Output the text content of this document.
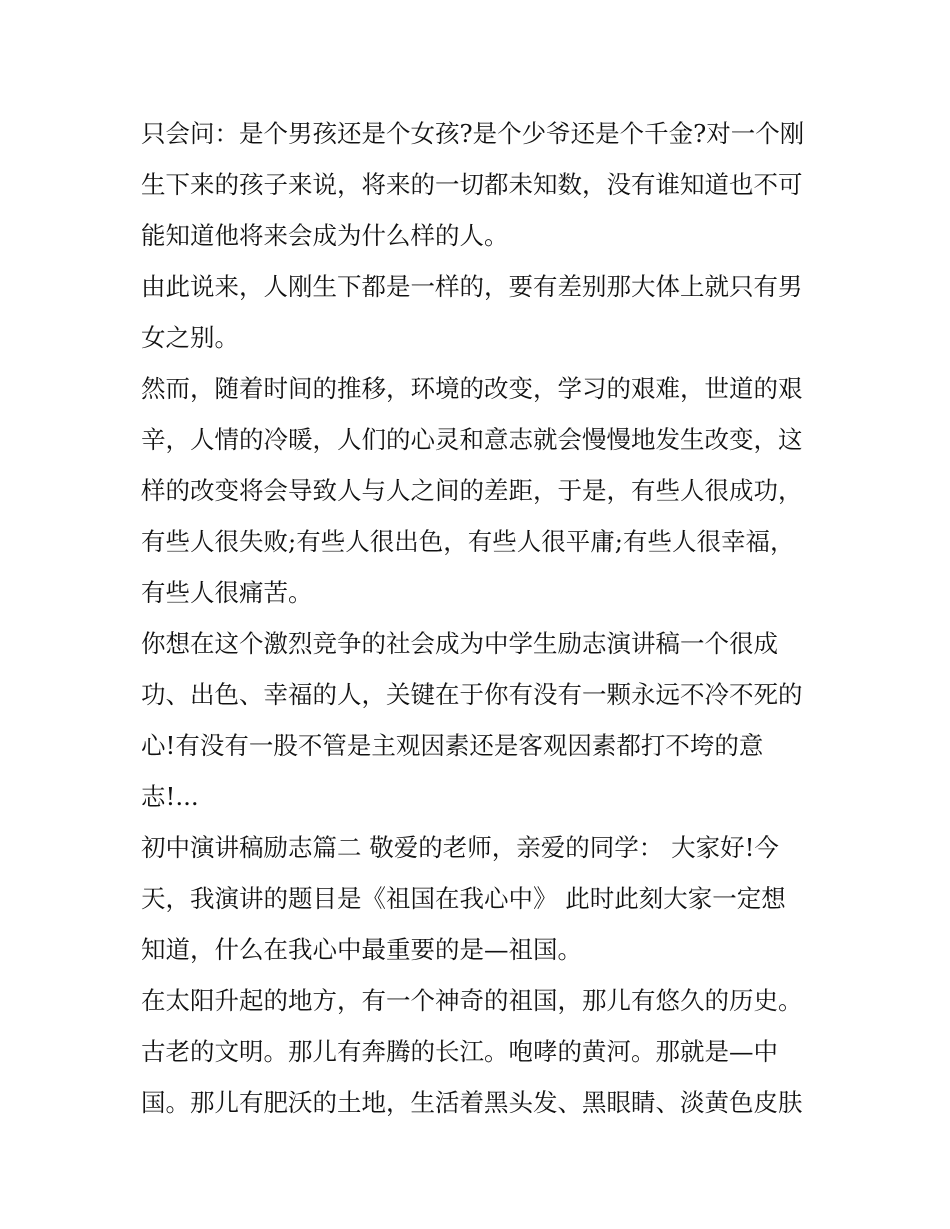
只会问：是个男孩还是个女孩?是个少爷还是个千金?对一个刚
生下来的孩子来说，将来的一切都未知数，没有谁知道也不可
能知道他将来会成为什么样的人。
由此说来，人刚生下都是一样的，要有差别那大体上就只有男
女之别。
然而，随着时间的推移，环境的改变，学习的艰难，世道的艰
辛，人情的冷暖，人们的心灵和意志就会慢慢地发生改变，这
样的改变将会导致人与人之间的差距，于是，有些人很成功，
有些人很失败;有些人很出色，有些人很平庸;有些人很幸福，
有些人很痛苦。
你想在这个激烈竞争的社会成为中学生励志演讲稿一个很成
功、出色、幸福的人，关键在于你有没有一颗永远不冷不死的
心!有没有一股不管是主观因素还是客观因素都打不垮的意
志!...
初中演讲稿励志篇二 敬爱的老师，亲爱的同学： 大家好!今
天，我演讲的题目是《祖国在我心中》 此时此刻大家一定想
知道，什么在我心中最重要的是—祖国。
在太阳升起的地方，有一个神奇的祖国，那儿有悠久的历史。
古老的文明。那儿有奔腾的长江。咆哮的黄河。那就是—中
国。那儿有肥沃的土地，生活着黑头发、黑眼睛、淡黄色皮肤
